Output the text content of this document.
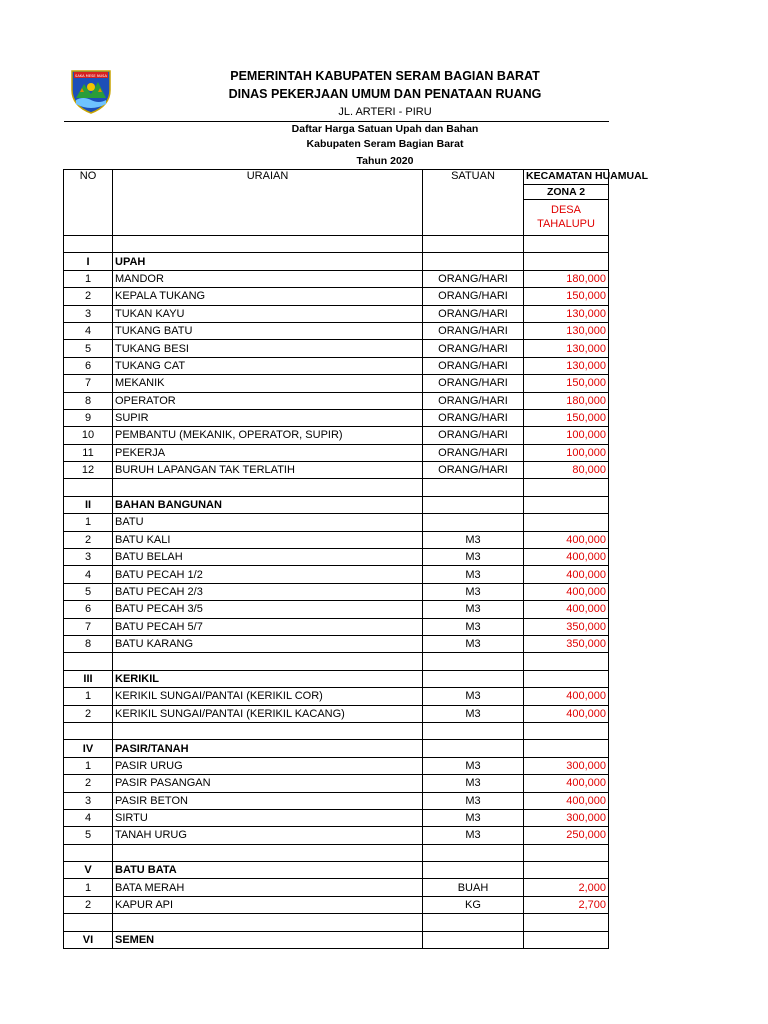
SAKA MESE NUSA	PEMERINTAH KABUPATEN SERAM BAGIAN BARAT
DINAS PEKERJAAN UMUM DAN PENATAAN RUANG
JL. ARTERI - PIRU
Daftar Harga Satuan Upah dan Bahan
Kabupaten Seram Bagian Barat
Tahun 2020
NO	URAIAN	SATUAN	KECAMATAN HUAMUAL
ZONA 2
DESA TAHALUPU

I	UPAH		
1	MANDOR	ORANG/HARI	180,000
2	KEPALA TUKANG	ORANG/HARI	150,000
3	TUKAN KAYU	ORANG/HARI	130,000
4	TUKANG BATU	ORANG/HARI	130,000
5	TUKANG BESI	ORANG/HARI	130,000
6	TUKANG CAT	ORANG/HARI	130,000
7	MEKANIK	ORANG/HARI	150,000
8	OPERATOR	ORANG/HARI	180,000
9	SUPIR	ORANG/HARI	150,000
10	PEMBANTU (MEKANIK, OPERATOR, SUPIR)	ORANG/HARI	100,000
11	PEKERJA	ORANG/HARI	100,000
12	BURUH LAPANGAN TAK TERLATIH	ORANG/HARI	80,000

II	BAHAN BANGUNAN		
1	BATU		
2	BATU KALI	M3	400,000
3	BATU BELAH	M3	400,000
4	BATU PECAH 1/2	M3	400,000
5	BATU PECAH 2/3	M3	400,000
6	BATU PECAH 3/5	M3	400,000
7	BATU PECAH 5/7	M3	350,000
8	BATU KARANG	M3	350,000

III	KERIKIL		
1	KERIKIL SUNGAI/PANTAI (KERIKIL COR)	M3	400,000
2	KERIKIL SUNGAI/PANTAI (KERIKIL KACANG)	M3	400,000

IV	PASIR/TANAH		
1	PASIR URUG	M3	300,000
2	PASIR PASANGAN	M3	400,000
3	PASIR BETON	M3	400,000
4	SIRTU	M3	300,000
5	TANAH URUG	M3	250,000

V	BATU BATA		
1	BATA MERAH	BUAH	2,000
2	KAPUR API	KG	2,700

VI	SEMEN		
